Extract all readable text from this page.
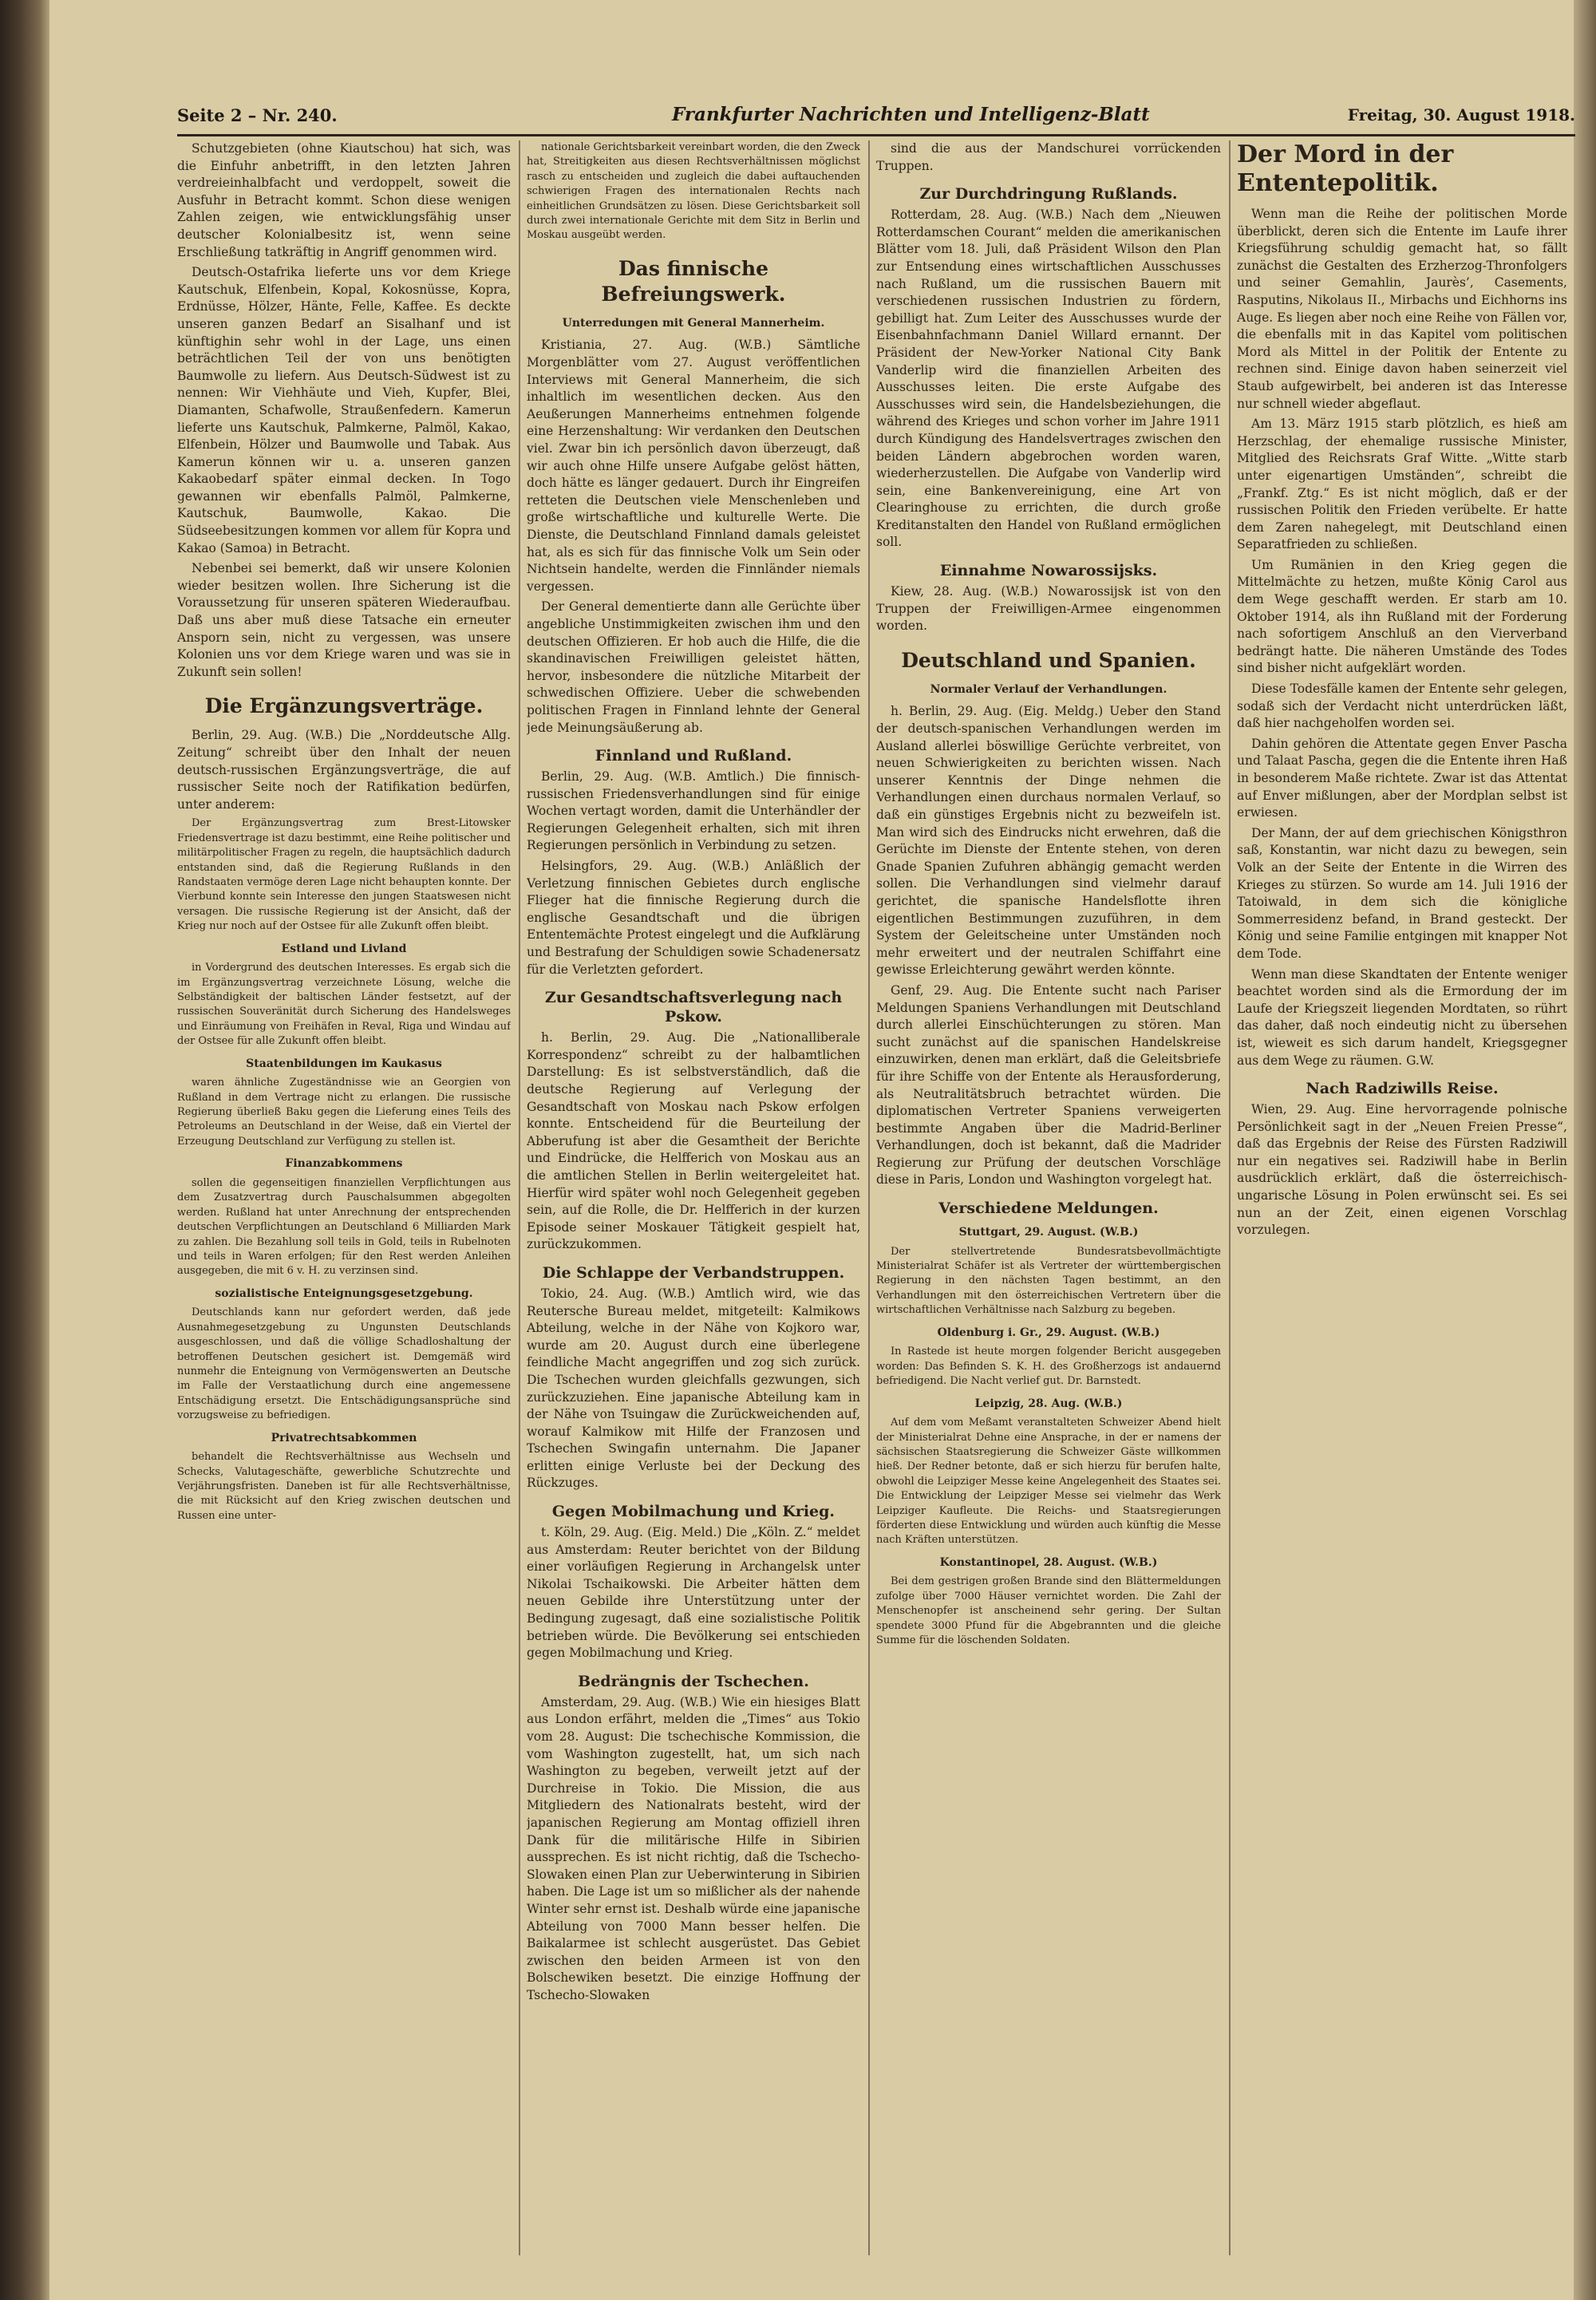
Seite 2 – Nr. 240.	Frankfurter Nachrichten und Intelligenz-Blatt	Freitag, 30. August 1918.

Schutzgebieten (ohne Kiautschou) hat sich, was die Einfuhr anbetrifft, in den letzten Jahren verdreieinhalbfacht und verdoppelt, soweit die Ausfuhr in Betracht kommt. Schon diese wenigen Zahlen zeigen, wie entwicklungsfähig unser deutscher Kolonialbesitz ist, wenn seine Erschließung tatkräftig in Angriff genommen wird.

Deutsch-Ostafrika lieferte uns vor dem Kriege Kautschuk, Elfenbein, Kopal, Kokosnüsse, Kopra, Erdnüsse, Hölzer, Hänte, Felle, Kaffee. Es deckte unseren ganzen Bedarf an Sisalhanf und ist künftighin sehr wohl in der Lage, uns einen beträchtlichen Teil der von uns benötigten Baumwolle zu liefern. Aus Deutsch-Südwest ist zu nennen: Wir Viehhäute und Vieh, Kupfer, Blei, Diamanten, Schafwolle, Straußenfedern. Kamerun lieferte uns Kautschuk, Palmkerne, Palmöl, Kakao, Elfenbein, Hölzer und Baumwolle und Tabak. Aus Kamerun können wir u. a. unseren ganzen Kakaobedarf später einmal decken. In Togo gewannen wir ebenfalls Palmöl, Palmkerne, Kautschuk, Baumwolle, Kakao. Die Südseebesitzungen kommen vor allem für Kopra und Kakao (Samoa) in Betracht.

Nebenbei sei bemerkt, daß wir unsere Kolonien wieder besitzen wollen. Ihre Sicherung ist die Voraussetzung für unseren späteren Wiederaufbau. Daß uns aber muß diese Tatsache ein erneuter Ansporn sein, nicht zu vergessen, was unsere Kolonien uns vor dem Kriege waren und was sie in Zukunft sein sollen!

Die Ergänzungsverträge.

Berlin, 29. Aug. (W.B.) Die „Norddeutsche Allg. Zeitung“ schreibt über den Inhalt der neuen deutsch-russischen Ergänzungsverträge, die auf russischer Seite noch der Ratifikation bedürfen, unter anderem:

Der Ergänzungsvertrag zum Brest-Litowsker Friedensvertrage ist dazu bestimmt, eine Reihe politischer und militärpolitischer Fragen zu regeln, die hauptsächlich dadurch entstanden sind, daß die Regierung Rußlands in den Randstaaten vermöge deren Lage nicht behaupten konnte. Der Vierbund konnte sein Interesse den jungen Staatswesen nicht versagen. Die russische Regierung ist der Ansicht, daß der Krieg nur noch auf der Ostsee für alle Zukunft offen bleibt.

Estland und Livland

in Vordergrund des deutschen Interesses. Es ergab sich die im Ergänzungsvertrag verzeichnete Lösung, welche die Selbständigkeit der baltischen Länder festsetzt, auf der russischen Souveränität durch Sicherung des Handelsweges und Einräumung von Freihäfen in Reval, Riga und Windau auf der Ostsee für alle Zukunft offen bleibt.

Staatenbildungen im Kaukasus

waren ähnliche Zugeständnisse wie an Georgien von Rußland in dem Vertrage nicht zu erlangen. Die russische Regierung überließ Baku gegen die Lieferung eines Teils des Petroleums an Deutschland in der Weise, daß ein Viertel der Erzeugung Deutschland zur Verfügung zu stellen ist.

Finanzabkommens

sollen die gegenseitigen finanziellen Verpflichtungen aus dem Zusatzvertrag durch Pauschalsummen abgegolten werden. Rußland hat unter Anrechnung der entsprechenden deutschen Verpflichtungen an Deutschland 6 Milliarden Mark zu zahlen. Die Bezahlung soll teils in Gold, teils in Rubelnoten und teils in Waren erfolgen; für den Rest werden Anleihen ausgegeben, die mit 6 v. H. zu verzinsen sind.

sozialistische Enteignungsgesetzgebung.

Deutschlands kann nur gefordert werden, daß jede Ausnahmegesetzgebung zu Ungunsten Deutschlands ausgeschlossen, und daß die völlige Schadloshaltung der betroffenen Deutschen gesichert ist. Demgemäß wird nunmehr die Enteignung von Vermögenswerten an Deutsche im Falle der Verstaatlichung durch eine angemessene Entschädigung ersetzt. Die Entschädigungsansprüche sind vorzugsweise zu befriedigen.

Privatrechtsabkommen

behandelt die Rechtsverhältnisse aus Wechseln und Schecks, Valutageschäfte, gewerbliche Schutzrechte und Verjährungsfristen. Daneben ist für alle Rechtsverhältnisse, die mit Rücksicht auf den Krieg zwischen deutschen und Russen eine unter-

nationale Gerichtsbarkeit vereinbart worden, die den Zweck hat, Streitigkeiten aus diesen Rechtsverhältnissen möglichst rasch zu entscheiden und zugleich die dabei auftauchenden schwierigen Fragen des internationalen Rechts nach einheitlichen Grundsätzen zu lösen. Diese Gerichtsbarkeit soll durch zwei internationale Gerichte mit dem Sitz in Berlin und Moskau ausgeübt werden.

Das finnische Befreiungswerk.
Unterredungen mit General Mannerheim.

Kristiania, 27. Aug. (W.B.) Sämtliche Morgenblätter vom 27. August veröffentlichen Interviews mit General Mannerheim, die sich inhaltlich im wesentlichen decken. Aus den Aeußerungen Mannerheims entnehmen folgende eine Herzenshaltung: Wir verdanken den Deutschen viel. Zwar bin ich persönlich davon überzeugt, daß wir auch ohne Hilfe unsere Aufgabe gelöst hätten, doch hätte es länger gedauert. Durch ihr Eingreifen retteten die Deutschen viele Menschenleben und große wirtschaftliche und kulturelle Werte. Die Dienste, die Deutschland Finnland damals geleistet hat, als es sich für das finnische Volk um Sein oder Nichtsein handelte, werden die Finnländer niemals vergessen.

Der General dementierte dann alle Gerüchte über angebliche Unstimmigkeiten zwischen ihm und den deutschen Offizieren. Er hob auch die Hilfe, die die skandinavischen Freiwilligen geleistet hätten, hervor, insbesondere die nützliche Mitarbeit der schwedischen Offiziere. Ueber die schwebenden politischen Fragen in Finnland lehnte der General jede Meinungsäußerung ab.

Finnland und Rußland.

Berlin, 29. Aug. (W.B. Amtlich.) Die finnisch-russischen Friedensverhandlungen sind für einige Wochen vertagt worden, damit die Unterhändler der Regierungen Gelegenheit erhalten, sich mit ihren Regierungen persönlich in Verbindung zu setzen.

Helsingfors, 29. Aug. (W.B.) Anläßlich der Verletzung finnischen Gebietes durch englische Flieger hat die finnische Regierung durch die englische Gesandtschaft und die übrigen Ententemächte Protest eingelegt und die Aufklärung und Bestrafung der Schuldigen sowie Schadenersatz für die Verletzten gefordert.

Zur Gesandtschaftsverlegung nach Pskow.

h. Berlin, 29. Aug. Die „Nationalliberale Korrespondenz“ schreibt zu der halbamtlichen Darstellung: Es ist selbstverständlich, daß die deutsche Regierung auf Verlegung der Gesandtschaft von Moskau nach Pskow erfolgen konnte. Entscheidend für die Beurteilung der Abberufung ist aber die Gesamtheit der Berichte und Eindrücke, die Helfferich von Moskau aus an die amtlichen Stellen in Berlin weitergeleitet hat. Hierfür wird später wohl noch Gelegenheit gegeben sein, auf die Rolle, die Dr. Helfferich in der kurzen Episode seiner Moskauer Tätigkeit gespielt hat, zurückzukommen.

Die Schlappe der Verbandstruppen.

Tokio, 24. Aug. (W.B.) Amtlich wird, wie das Reutersche Bureau meldet, mitgeteilt: Kalmikows Abteilung, welche in der Nähe von Kojkoro war, wurde am 20. August durch eine überlegene feindliche Macht angegriffen und zog sich zurück. Die Tschechen wurden gleichfalls gezwungen, sich zurückzuziehen. Eine japanische Abteilung kam in der Nähe von Tsuingaw die Zurückweichenden auf, worauf Kalmikow mit Hilfe der Franzosen und Tschechen Swingafin unternahm. Die Japaner erlitten einige Verluste bei der Deckung des Rückzuges.

Gegen Mobilmachung und Krieg.

t. Köln, 29. Aug. (Eig. Meld.) Die „Köln. Z.“ meldet aus Amsterdam: Reuter berichtet von der Bildung einer vorläufigen Regierung in Archangelsk unter Nikolai Tschaikowski. Die Arbeiter hätten dem neuen Gebilde ihre Unterstützung unter der Bedingung zugesagt, daß eine sozialistische Politik betrieben würde. Die Bevölkerung sei entschieden gegen Mobilmachung und Krieg.

Bedrängnis der Tschechen.

Amsterdam, 29. Aug. (W.B.) Wie ein hiesiges Blatt aus London erfährt, melden die „Times“ aus Tokio vom 28. August: Die tschechische Kommission, die vom Washington zugestellt, hat, um sich nach Washington zu begeben, verweilt jetzt auf der Durchreise in Tokio. Die Mission, die aus Mitgliedern des Nationalrats besteht, wird der japanischen Regierung am Montag offiziell ihren Dank für die militärische Hilfe in Sibirien aussprechen. Es ist nicht richtig, daß die Tschecho-Slowaken einen Plan zur Ueberwinterung in Sibirien haben. Die Lage ist um so mißlicher als der nahende Winter sehr ernst ist. Deshalb würde eine japanische Abteilung von 7000 Mann besser helfen. Die Baikalarmee ist schlecht ausgerüstet. Das Gebiet zwischen den beiden Armeen ist von den Bolschewiken besetzt. Die einzige Hoffnung der Tschecho-Slowaken

sind die aus der Mandschurei vorrückenden Truppen.

Zur Durchdringung Rußlands.

Rotterdam, 28. Aug. (W.B.) Nach dem „Nieuwen Rotterdamschen Courant“ melden die amerikanischen Blätter vom 18. Juli, daß Präsident Wilson den Plan zur Entsendung eines wirtschaftlichen Ausschusses nach Rußland, um die russischen Bauern mit verschiedenen russischen Industrien zu fördern, gebilligt hat. Zum Leiter des Ausschusses wurde der Eisenbahnfachmann Daniel Willard ernannt. Der Präsident der New-Yorker National City Bank Vanderlip wird die finanziellen Arbeiten des Ausschusses leiten. Die erste Aufgabe des Ausschusses wird sein, die Handelsbeziehungen, die während des Krieges und schon vorher im Jahre 1911 durch Kündigung des Handelsvertrages zwischen den beiden Ländern abgebrochen worden waren, wiederherzustellen. Die Aufgabe von Vanderlip wird sein, eine Bankenvereinigung, eine Art von Clearinghouse zu errichten, die durch große Kreditanstalten den Handel von Rußland ermöglichen soll.

Einnahme Nowarossijsks.

Kiew, 28. Aug. (W.B.) Nowarossijsk ist von den Truppen der Freiwilligen-Armee eingenommen worden.

Deutschland und Spanien.
Normaler Verlauf der Verhandlungen.

h. Berlin, 29. Aug. (Eig. Meldg.) Ueber den Stand der deutsch-spanischen Verhandlungen werden im Ausland allerlei böswillige Gerüchte verbreitet, von neuen Schwierigkeiten zu berichten wissen. Nach unserer Kenntnis der Dinge nehmen die Verhandlungen einen durchaus normalen Verlauf, so daß ein günstiges Ergebnis nicht zu bezweifeln ist. Man wird sich des Eindrucks nicht erwehren, daß die Gerüchte im Dienste der Entente stehen, von deren Gnade Spanien Zufuhren abhängig gemacht werden sollen. Die Verhandlungen sind vielmehr darauf gerichtet, die spanische Handelsflotte ihren eigentlichen Bestimmungen zuzuführen, in dem System der Geleitscheine unter Umständen noch mehr erweitert und der neutralen Schiffahrt eine gewisse Erleichterung gewährt werden könnte.

Genf, 29. Aug. Die Entente sucht nach Pariser Meldungen Spaniens Verhandlungen mit Deutschland durch allerlei Einschüchterungen zu stören. Man sucht zunächst auf die spanischen Handelskreise einzuwirken, denen man erklärt, daß die Geleitsbriefe für ihre Schiffe von der Entente als Herausforderung, als Neutralitätsbruch betrachtet würden. Die diplomatischen Vertreter Spaniens verweigerten bestimmte Angaben über die Madrid-Berliner Verhandlungen, doch ist bekannt, daß die Madrider Regierung zur Prüfung der deutschen Vorschläge diese in Paris, London und Washington vorgelegt hat.

Verschiedene Meldungen.
Stuttgart, 29. August. (W.B.)

Der stellvertretende Bundesratsbevollmächtigte Ministerialrat Schäfer ist als Vertreter der württembergischen Regierung in den nächsten Tagen bestimmt, an den Verhandlungen mit den österreichischen Vertretern über die wirtschaftlichen Verhältnisse nach Salzburg zu begeben.

Oldenburg i. Gr., 29. August. (W.B.)

In Rastede ist heute morgen folgender Bericht ausgegeben worden: Das Befinden S. K. H. des Großherzogs ist andauernd befriedigend. Die Nacht verlief gut. Dr. Barnstedt.

Leipzig, 28. Aug. (W.B.)

Auf dem vom Meßamt veranstalteten Schweizer Abend hielt der Ministerialrat Dehne eine Ansprache, in der er namens der sächsischen Staatsregierung die Schweizer Gäste willkommen hieß. Der Redner betonte, daß er sich hierzu für berufen halte, obwohl die Leipziger Messe keine Angelegenheit des Staates sei. Die Entwicklung der Leipziger Messe sei vielmehr das Werk Leipziger Kaufleute. Die Reichs- und Staatsregierungen förderten diese Entwicklung und würden auch künftig die Messe nach Kräften unterstützen.

Konstantinopel, 28. August. (W.B.)

Bei dem gestrigen großen Brande sind den Blättermeldungen zufolge über 7000 Häuser vernichtet worden. Die Zahl der Menschenopfer ist anscheinend sehr gering. Der Sultan spendete 3000 Pfund für die Abgebrannten und die gleiche Summe für die löschenden Soldaten.

Der Mord in der Ententepolitik.

Wenn man die Reihe der politischen Morde überblickt, deren sich die Entente im Laufe ihrer Kriegsführung schuldig gemacht hat, so fällt zunächst die Gestalten des Erzherzog-Thronfolgers und seiner Gemahlin, Jaurès’, Casements, Rasputins, Nikolaus II., Mirbachs und Eichhorns ins Auge. Es liegen aber noch eine Reihe von Fällen vor, die ebenfalls mit in das Kapitel vom politischen Mord als Mittel in der Politik der Entente zu rechnen sind. Einige davon haben seinerzeit viel Staub aufgewirbelt, bei anderen ist das Interesse nur schnell wieder abgeflaut.

Am 13. März 1915 starb plötzlich, es hieß am Herzschlag, der ehemalige russische Minister, Mitglied des Reichsrats Graf Witte. „Witte starb unter eigenartigen Umständen“, schreibt die „Frankf. Ztg.“ Es ist nicht möglich, daß er der russischen Politik den Frieden verübelte. Er hatte dem Zaren nahegelegt, mit Deutschland einen Separatfrieden zu schließen.

Um Rumänien in den Krieg gegen die Mittelmächte zu hetzen, mußte König Carol aus dem Wege geschafft werden. Er starb am 10. Oktober 1914, als ihn Rußland mit der Forderung nach sofortigem Anschluß an den Vierverband bedrängt hatte. Die näheren Umstände des Todes sind bisher nicht aufgeklärt worden.

Diese Todesfälle kamen der Entente sehr gelegen, sodaß sich der Verdacht nicht unterdrücken läßt, daß hier nachgeholfen worden sei.

Dahin gehören die Attentate gegen Enver Pascha und Talaat Pascha, gegen die die Entente ihren Haß in besonderem Maße richtete. Zwar ist das Attentat auf Enver mißlungen, aber der Mordplan selbst ist erwiesen.

Der Mann, der auf dem griechischen Königsthron saß, Konstantin, war nicht dazu zu bewegen, sein Volk an der Seite der Entente in die Wirren des Krieges zu stürzen. So wurde am 14. Juli 1916 der Tatoiwald, in dem sich die königliche Sommerresidenz befand, in Brand gesteckt. Der König und seine Familie entgingen mit knapper Not dem Tode.

Wenn man diese Skandtaten der Entente weniger beachtet worden sind als die Ermordung der im Laufe der Kriegszeit liegenden Mordtaten, so rührt das daher, daß noch eindeutig nicht zu übersehen ist, wieweit es sich darum handelt, Kriegsgegner aus dem Wege zu räumen. G.W.

Nach Radziwills Reise.

Wien, 29. Aug. Eine hervorragende polnische Persönlichkeit sagt in der „Neuen Freien Presse“, daß das Ergebnis der Reise des Fürsten Radziwill nur ein negatives sei. Radziwill habe in Berlin ausdrücklich erklärt, daß die österreichisch-ungarische Lösung in Polen erwünscht sei. Es sei nun an der Zeit, einen eigenen Vorschlag vorzulegen.
